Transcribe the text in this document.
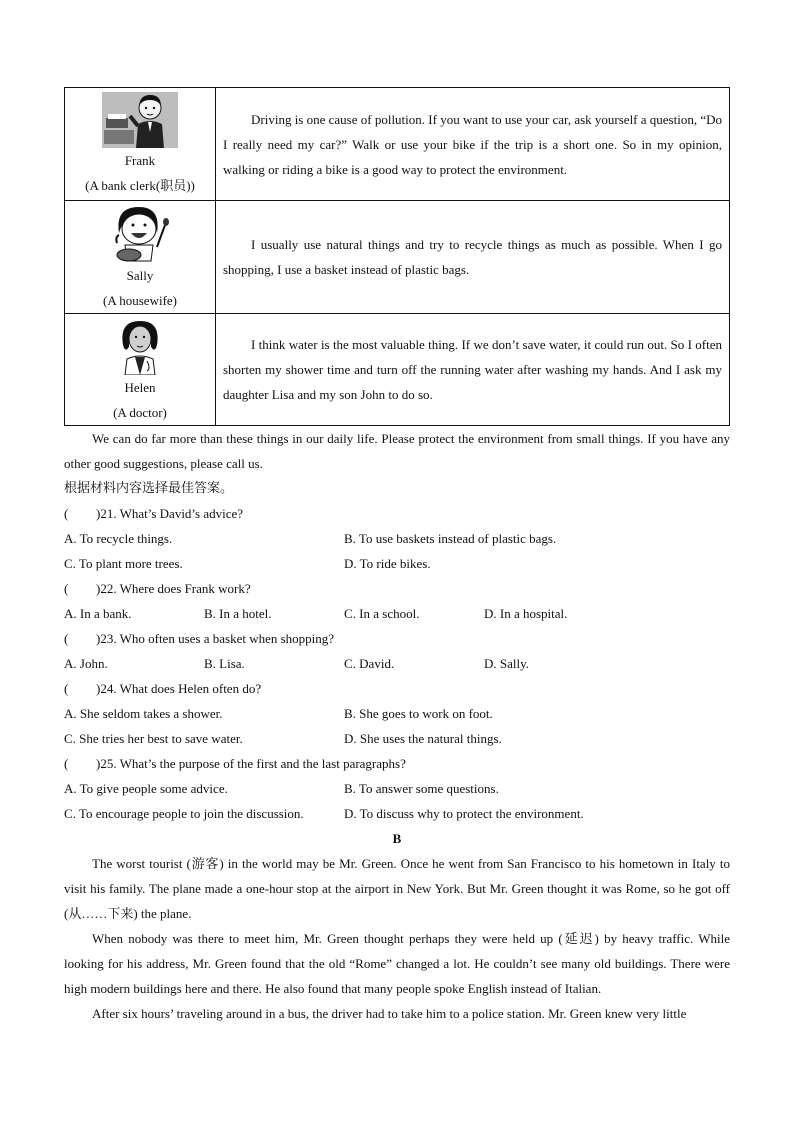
Frank
(A bank clerk(职员))	Driving is one cause of pollution. If you want to use your car, ask yourself a question, “Do I really need my car?” Walk or use your bike if the trip is a short one. So in my opinion, walking or riding a bike is a good way to protect the environment.

Sally
(A housewife)	I usually use natural things and try to recycle things as much as possible. When I go shopping, I use a basket instead of plastic bags.

Helen
(A doctor)	I think water is the most valuable thing. If we don’t save water, it could run out. So I often shorten my shower time and turn off the running water after washing my hands. And I ask my daughter Lisa and my son John to do so.

We can do far more than these things in our daily life. Please protect the environment from small things. If you have any other good suggestions, please call us.

根据材料内容选择最佳答案。

( )21. What’s David’s advice?

A. To recycle things.	B. To use baskets instead of plastic bags.
C. To plant more trees.	D. To ride bikes.

( )22. Where does Frank work?

A. In a bank.	B. In a hotel.	C. In a school.	D. In a hospital.

( )23. Who often uses a basket when shopping?

A. John.	B. Lisa.	C. David.	D. Sally.

( )24. What does Helen often do?

A. She seldom takes a shower.	B. She goes to work on foot.
C. She tries her best to save water.	D. She uses the natural things.

( )25. What’s the purpose of the first and the last paragraphs?

A. To give people some advice.	B. To answer some questions.
C. To encourage people to join the discussion.	D. To discuss why to protect the environment.

B

The worst tourist (游客) in the world may be Mr. Green. Once he went from San Francisco to his hometown in Italy to visit his family. The plane made a one-hour stop at the airport in New York. But Mr. Green thought it was Rome, so he got off (从……下来) the plane.

When nobody was there to meet him, Mr. Green thought perhaps they were held up (延迟) by heavy traffic. While looking for his address, Mr. Green found that the old “Rome” changed a lot. He couldn’t see many old buildings. There were high modern buildings here and there. He also found that many people spoke English instead of Italian.

After six hours’ traveling around in a bus, the driver had to take him to a police station. Mr. Green knew very little
